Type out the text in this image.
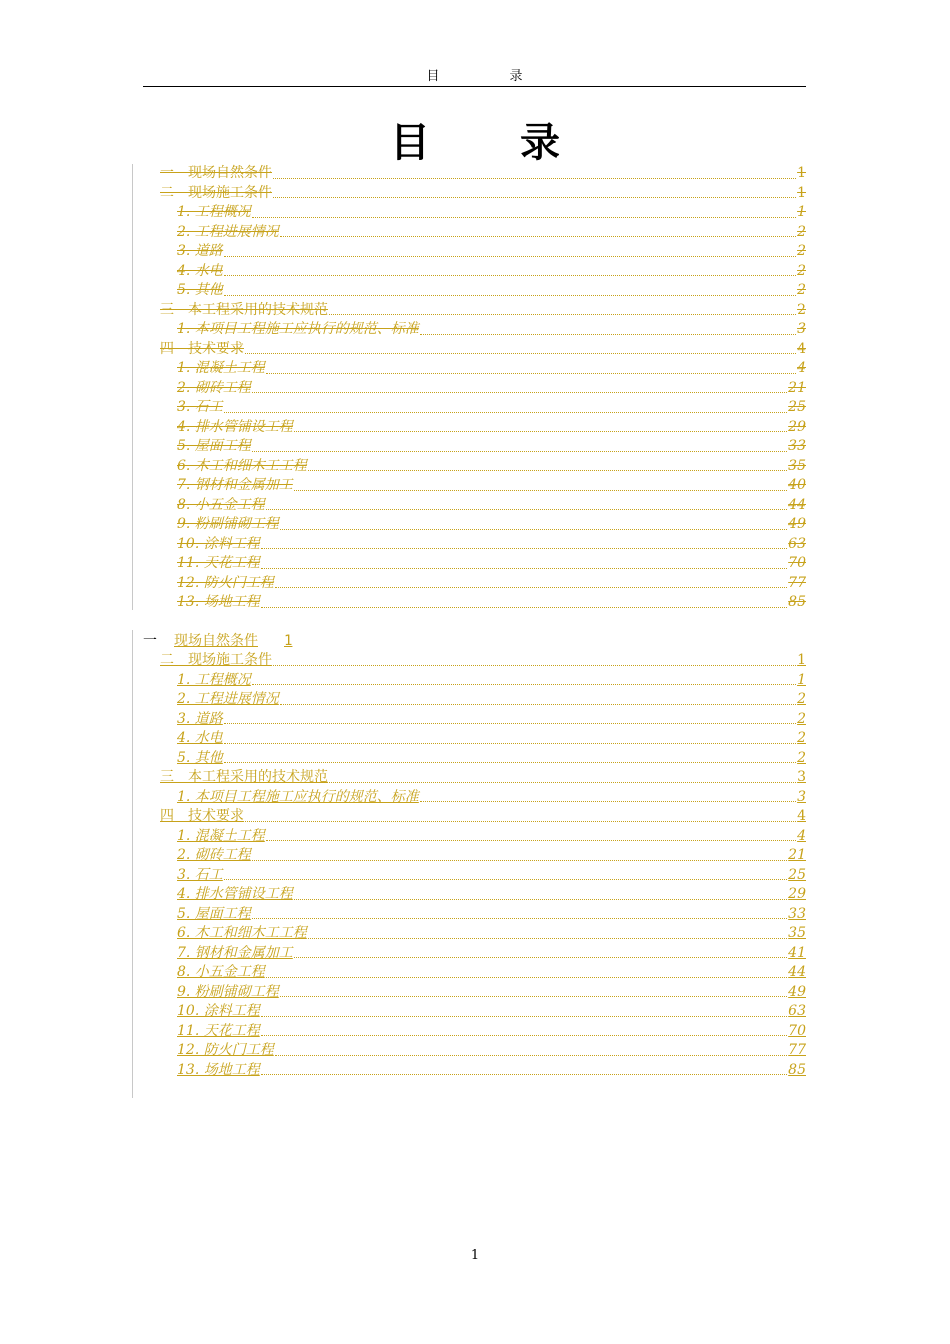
目	录
目 录
一　现场自然条件	1
二　现场施工条件	1
1. 工程概况	1
2. 工程进展情况	2
3. 道路	2
4. 水电	2
5. 其他	2
三　本工程采用的技术规范	2
1. 本项目工程施工应执行的规范、标准	3
四　技术要求	4
1. 混凝土工程	4
2. 砌砖工程	21
3. 石工	25
4. 排水管铺设工程	29
5. 屋面工程	33
6. 木工和细木工工程	35
7. 钢材和金属加工	40
8. 小五金工程	44
9. 粉刷铺砌工程	49
10. 涂料工程	63
11. 天花工程	70
12. 防火门工程	77
13. 场地工程	85
一 现场自然条件 1
二　现场施工条件	1
1. 工程概况	1
2. 工程进展情况	2
3. 道路	2
4. 水电	2
5. 其他	2
三　本工程采用的技术规范	3
1. 本项目工程施工应执行的规范、标准	3
四　技术要求	4
1. 混凝土工程	4
2. 砌砖工程	21
3. 石工	25
4. 排水管铺设工程	29
5. 屋面工程	33
6. 木工和细木工工程	35
7. 钢材和金属加工	41
8. 小五金工程	44
9. 粉刷铺砌工程	49
10. 涂料工程	63
11. 天花工程	70
12. 防火门工程	77
13. 场地工程	85
1
